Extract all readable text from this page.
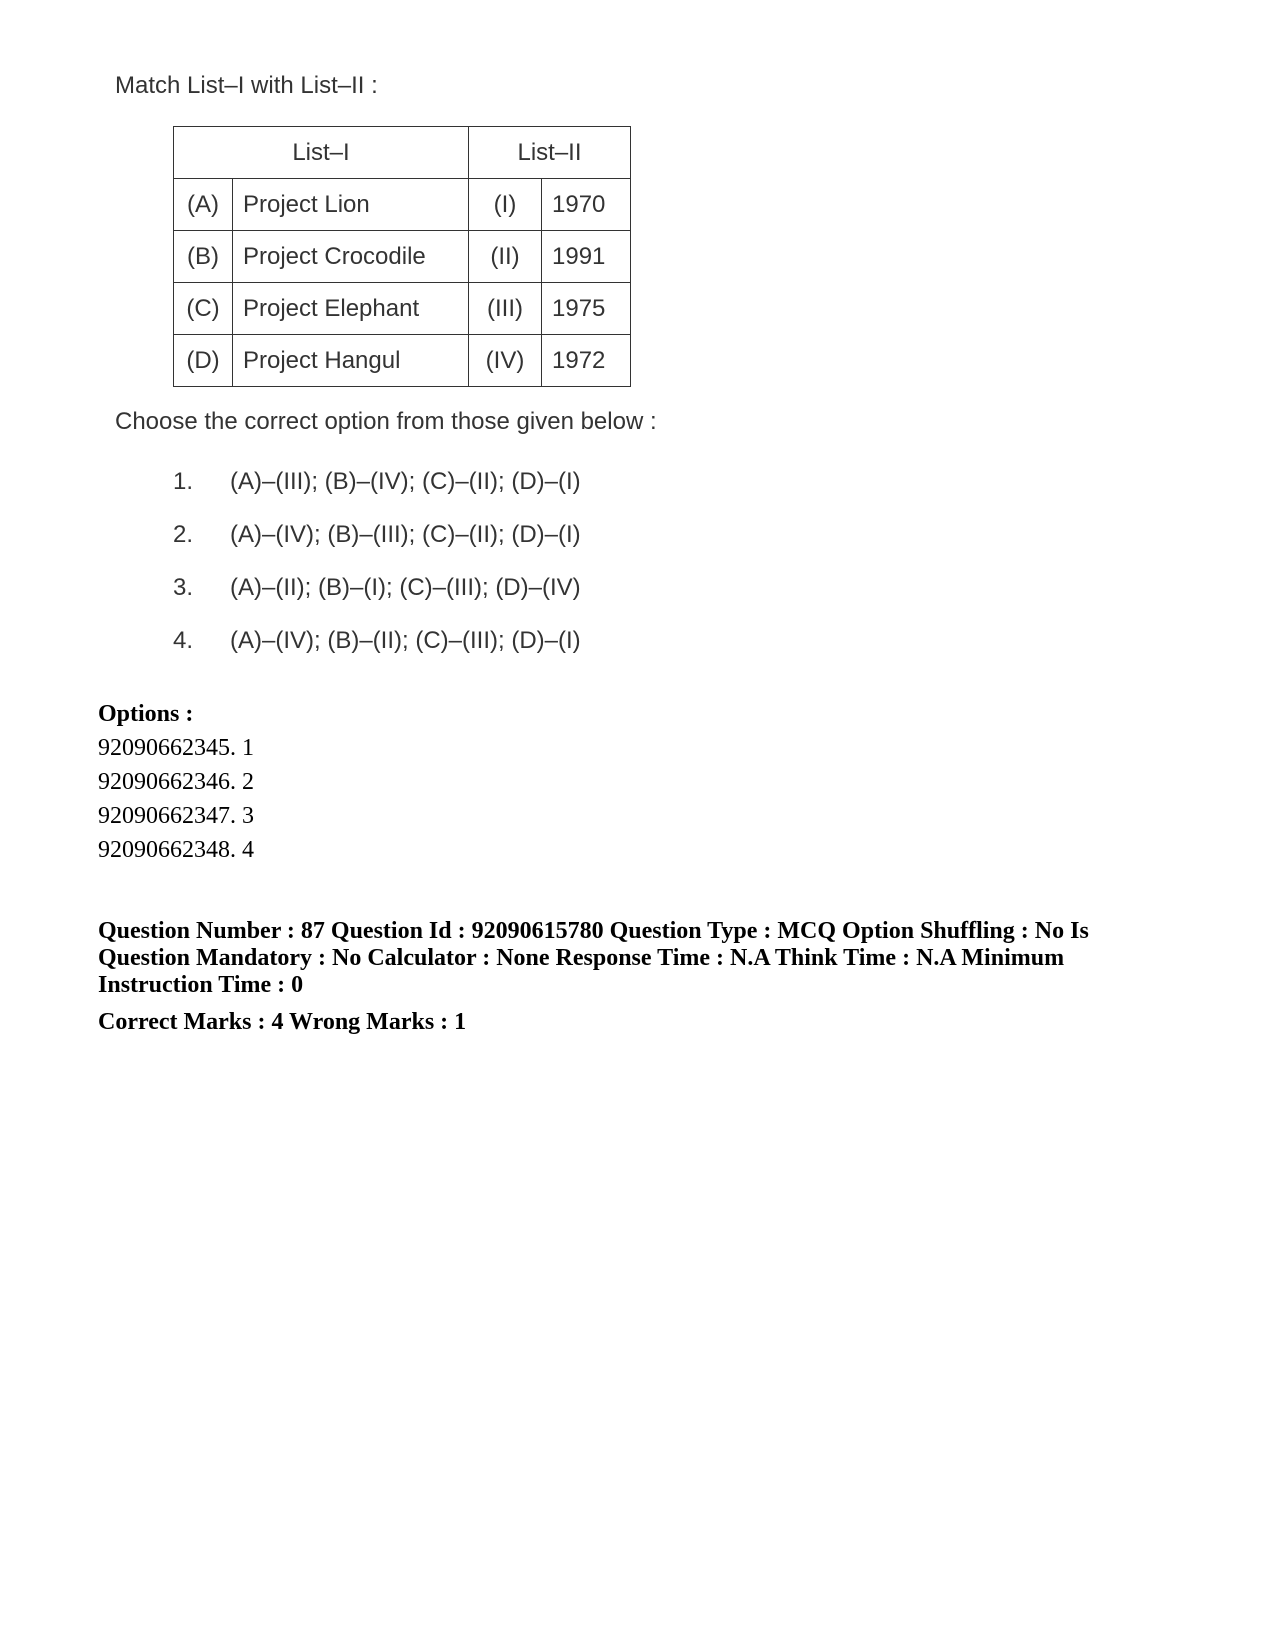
Match List–I with List–II :
List–I		List–II	
(A)	Project Lion	(I)	1970
(B)	Project Crocodile	(II)	1991
(C)	Project Elephant	(III)	1975
(D)	Project Hangul	(IV)	1972
Choose the correct option from those given below :
1.	(A)–(III); (B)–(IV); (C)–(II); (D)–(I)
2.	(A)–(IV); (B)–(III); (C)–(II); (D)–(I)
3.	(A)–(II); (B)–(I); (C)–(III); (D)–(IV)
4.	(A)–(IV); (B)–(II); (C)–(III); (D)–(I)
Options :
92090662345. 1
92090662346. 2
92090662347. 3
92090662348. 4
Question Number : 87 Question Id : 92090615780 Question Type : MCQ Option Shuffling : No Is Question Mandatory : No Calculator : None Response Time : N.A Think Time : N.A Minimum Instruction Time : 0
Correct Marks : 4 Wrong Marks : 1
